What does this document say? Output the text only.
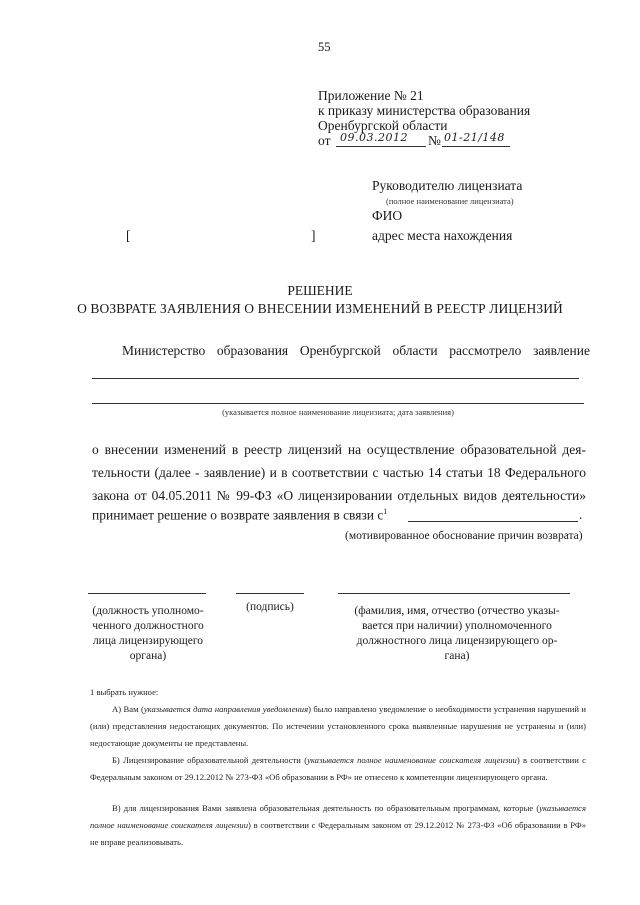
55
Приложение № 21
к приказу министерства образования
Оренбургской области
от 09.03.2012 № 01-21/148
Руководителю лицензиата
(полное наименование лицензиата)
ФИО
[	]	адрес места нахождения
РЕШЕНИЕ
О ВОЗВРАТЕ ЗАЯВЛЕНИЯ О ВНЕСЕНИИ ИЗМЕНЕНИЙ В РЕЕСТР ЛИЦЕНЗИЙ
Министерство образования Оренбургской области рассмотрело заявление
(указывается полное наименование лицензиата; дата заявления)
о внесении изменений в реестр лицензий на осуществление образовательной дея-
тельности (далее - заявление) и в соответствии с частью 14 статьи 18 Федерального
закона от 04.05.2011 № 99-ФЗ «О лицензировании отдельных видов деятельности»
принимает решение о возврате заявления в связи $с^1$	.
(мотивированное обоснование причин возврата)
(должность уполномо-
ченного должностного
лица лицензирующего
органа)
(подпись)	(фамилия, имя, отчество (отчество указы-
вается при наличии) уполномоченного
должностного лица лицензирующего ор-
гана)
1 выбрать нужное:
А) Вам (указывается дата направления уведомления) было направлено уведомление о необходимости устранения нарушений и (или) представления недостающих документов. По истечении установленного срока выявленные нарушения не устранены и (или) недостающие документы не представлены.
Б) Лицензирование образовательной деятельности (указывается полное наименование соискателя лицензии) в соответствии с Федеральным законом от 29.12.2012 № 273-ФЗ «Об образовании в РФ» не отнесено к компетенции лицензирующего органа.
В) для лицензирования Вами заявлена образовательная деятельность по образовательным программам, которые (указывается полное наименование соискателя лицензии) в соответствии с Федеральным законом от 29.12.2012 № 273-ФЗ «Об образовании в РФ» не вправе реализовывать.
